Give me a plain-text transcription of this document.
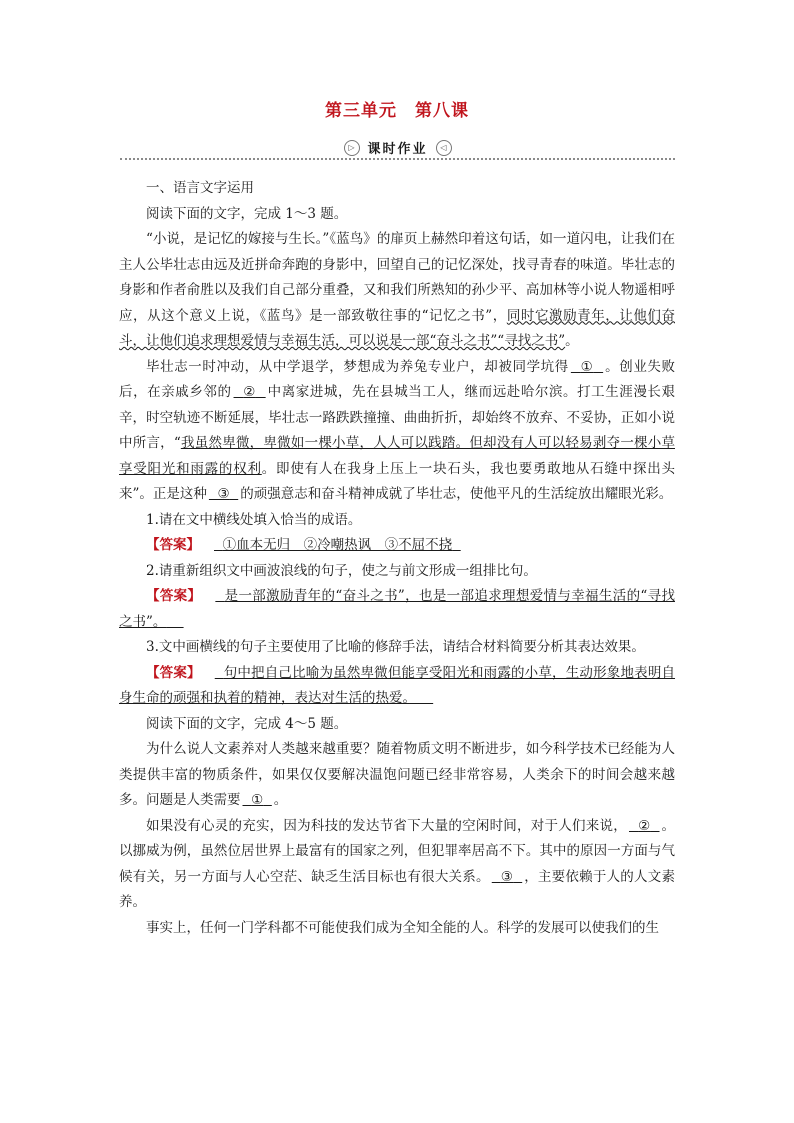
第三单元　第八课
▷ 课时作业	◁

一、语言文字运用

阅读下面的文字，完成 1～3 题。

“小说，是记忆的嫁接与生长。”《蓝鸟》的扉页上赫然印着这句话，如一道闪电，让我们在主人公毕壮志由远及近拼命奔跑的身影中，回望自己的记忆深处，找寻青春的味道。毕壮志的身影和作者俞胜以及我们自己部分重叠，又和我们所熟知的孙少平、高加林等小说人物遥相呼应，从这个意义上说，《蓝鸟》是一部致敬往事的“记忆之书”，同时它激励青年，让他们奋斗，让他们追求理想爱情与幸福生活，可以说是一部“奋斗之书”“寻找之书”。

毕壮志一时冲动，从中学退学，梦想成为养兔专业户，却被同学坑得 ① 。创业失败后，在亲戚乡邻的 ② 中离家进城，先在县城当工人，继而远赴哈尔滨。打工生涯漫长艰辛，时空轨迹不断延展，毕壮志一路跌跌撞撞、曲曲折折，却始终不放弃、不妥协，正如小说中所言，“我虽然卑微，卑微如一棵小草，人人可以践踏。但却没有人可以轻易剥夺一棵小草享受阳光和雨露的权利。即使有人在我身上压上一块石头，我也要勇敢地从石缝中探出头来”。正是这种 ③ 的顽强意志和奋斗精神成就了毕壮志，使他平凡的生活绽放出耀眼光彩。

1.请在文中横线处填入恰当的成语。

【答案】 ①血本无归　②冷嘲热讽　③不屈不挠

2.请重新组织文中画波浪线的句子，使之与前文形成一组排比句。

【答案】 是一部激励青年的“奋斗之书”，也是一部追求理想爱情与幸福生活的“寻找之书”。

3.文中画横线的句子主要使用了比喻的修辞手法，请结合材料简要分析其表达效果。

【答案】 句中把自己比喻为虽然卑微但能享受阳光和雨露的小草，生动形象地表明自身生命的顽强和执着的精神，表达对生活的热爱。

阅读下面的文字，完成 4～5 题。

为什么说人文素养对人类越来越重要？随着物质文明不断进步，如今科学技术已经能为人类提供丰富的物质条件，如果仅仅要解决温饱问题已经非常容易，人类余下的时间会越来越多。问题是人类需要 ① 。

如果没有心灵的充实，因为科技的发达节省下大量的空闲时间，对于人们来说， ② 。以挪威为例，虽然位居世界上最富有的国家之列，但犯罪率居高不下。其中的原因一方面与气候有关，另一方面与人心空茫、缺乏生活目标也有很大关系。 ③ ，主要依赖于人的人文素养。

事实上，任何一门学科都不可能使我们成为全知全能的人。科学的发展可以使我们的生
